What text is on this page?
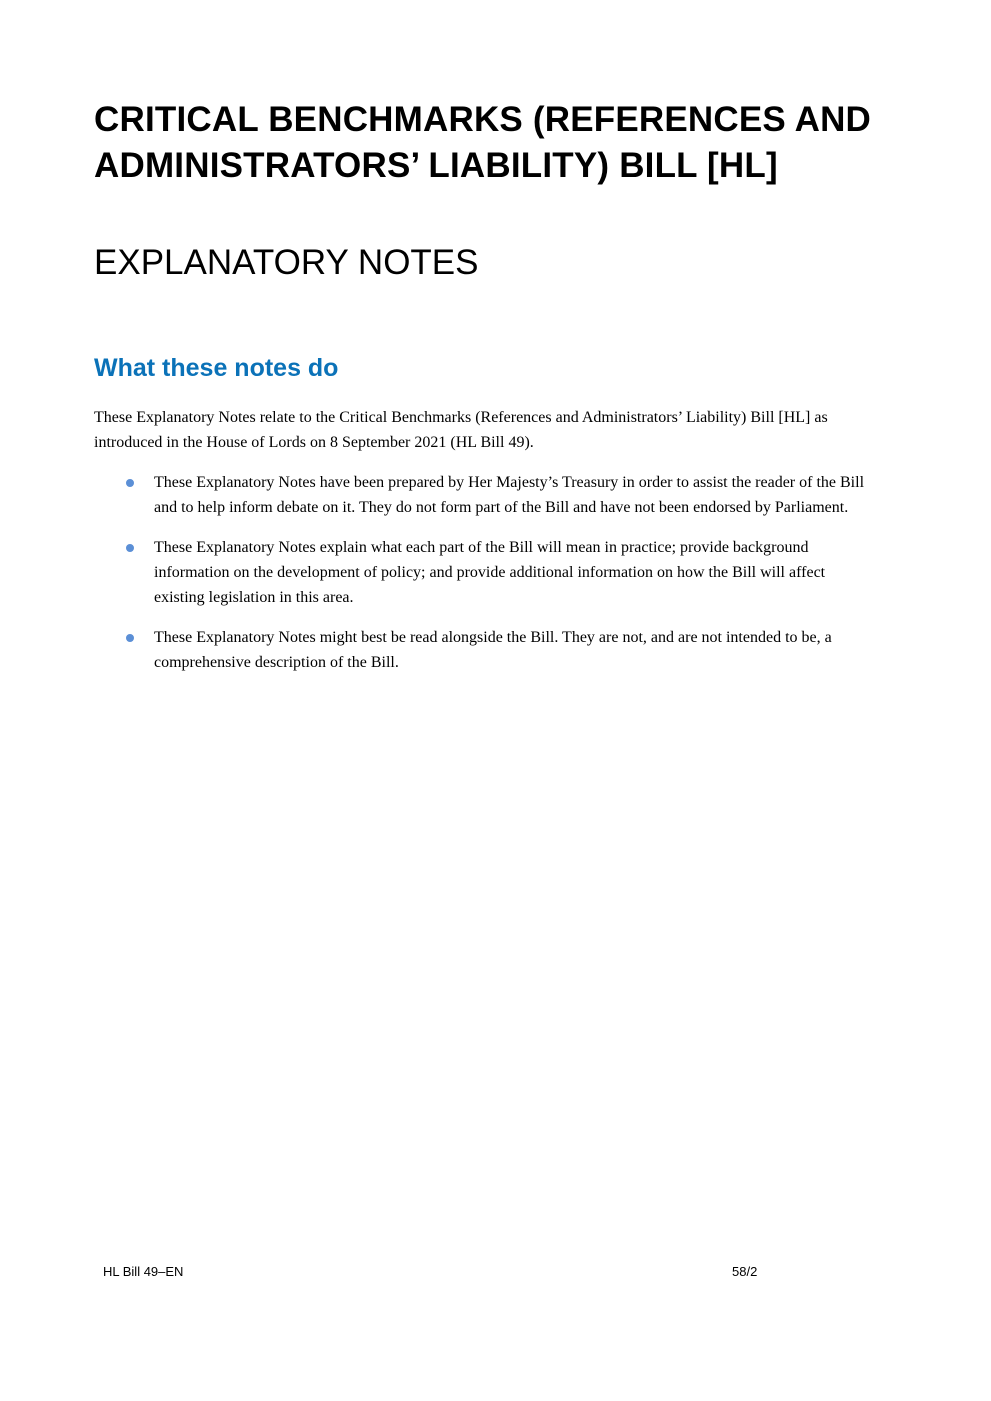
CRITICAL BENCHMARKS (REFERENCES AND ADMINISTRATORS’ LIABILITY) BILL [HL]
EXPLANATORY NOTES
What these notes do

These Explanatory Notes relate to the Critical Benchmarks (References and Administrators’ Liability) Bill [HL] as introduced in the House of Lords on 8 September 2021 (HL Bill 49).

These Explanatory Notes have been prepared by Her Majesty’s Treasury in order to assist the reader of the Bill and to help inform debate on it. They do not form part of the Bill and have not been endorsed by Parliament.
These Explanatory Notes explain what each part of the Bill will mean in practice; provide background information on the development of policy; and provide additional information on how the Bill will affect existing legislation in this area.
These Explanatory Notes might best be read alongside the Bill. They are not, and are not intended to be, a comprehensive description of the Bill.
HL Bill 49–EN	58/2
